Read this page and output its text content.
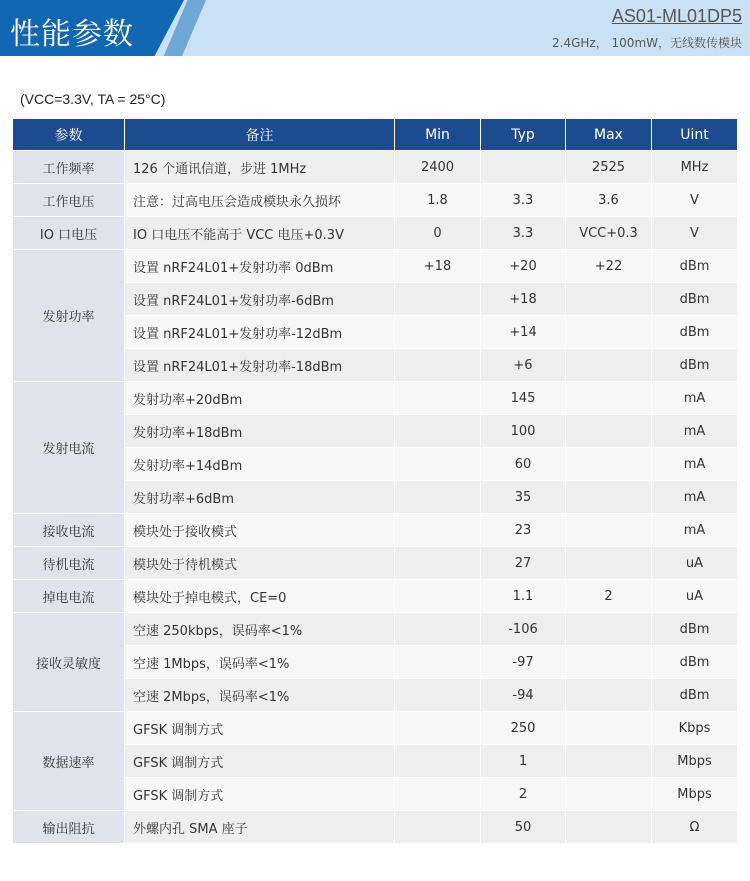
性能参数
AS01-ML01DP5
2.4GHz， 100mW，无线数传模块
(VCC=3.3V, TA = 25°C)
参数	备注	Min	Typ	Max	Uint
工作频率	126 个通讯信道，步进 1MHz	2400		2525	MHz
工作电压	注意：过高电压会造成模块永久损坏	1.8	3.3	3.6	V
IO 口电压	IO 口电压不能高于 VCC 电压+0.3V	0	3.3	VCC+0.3	V
发射功率	设置 nRF24L01+发射功率 0dBm	+18	+20	+22	dBm
	设置 nRF24L01+发射功率-6dBm		+18		dBm
	设置 nRF24L01+发射功率-12dBm		+14		dBm
	设置 nRF24L01+发射功率-18dBm		+6		dBm
发射电流	发射功率+20dBm		145		mA
	发射功率+18dBm		100		mA
	发射功率+14dBm		60		mA
	发射功率+6dBm		35		mA
接收电流	模块处于接收模式		23		mA
待机电流	模块处于待机模式		27		uA
掉电电流	模块处于掉电模式，CE=0		1.1	2	uA
接收灵敏度	空速 250kbps，误码率<1%		-106		dBm
	空速 1Mbps，误码率<1%		-97		dBm
	空速 2Mbps，误码率<1%		-94		dBm
数据速率	GFSK 调制方式		250		Kbps
	GFSK 调制方式		1		Mbps
	GFSK 调制方式		2		Mbps
输出阻抗	外螺内孔 SMA 座子		50		Ω
